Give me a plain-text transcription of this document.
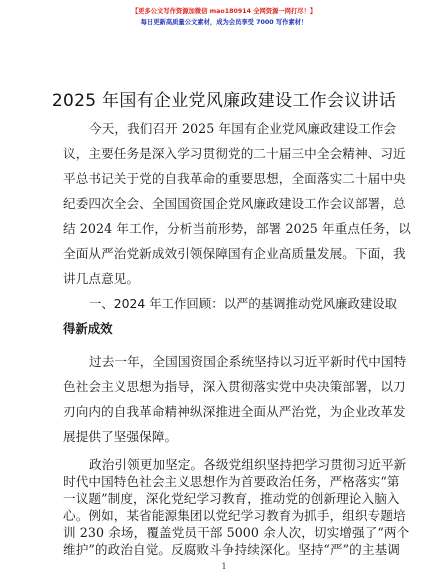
【更多公文写作资源加微信 mao180914 全网资源一网打尽！】
每日更新高质量公文素材，成为会员享受 7000 写作素材！
2025 年国有企业党风廉政建设工作会议讲话
今天，我们召开 2025 年国有企业党风廉政建设工作会
议，主要任务是深入学习贯彻党的二十届三中全会精神、习近
平总书记关于党的自我革命的重要思想，全面落实二十届中央
纪委四次全会、全国国资国企党风廉政建设工作会议部署，总
结 2024 年工作，分析当前形势，部署 2025 年重点任务，以
全面从严治党新成效引领保障国有企业高质量发展。下面，我
讲几点意见。
一、2024 年工作回顾：以严的基调推动党风廉政建设取
得新成效
过去一年，全国国资国企系统坚持以习近平新时代中国特
色社会主义思想为指导，深入贯彻落实党中央决策部署，以刀
刃向内的自我革命精神纵深推进全面从严治党，为企业改革发
展提供了坚强保障。
政治引领更加坚定。各级党组织坚持把学习贯彻习近平新
时代中国特色社会主义思想作为首要政治任务，严格落实“第
一议题”制度，深化党纪学习教育，推动党的创新理论入脑入
心。例如，某省能源集团以党纪学习教育为抓手，组织专题培
1
训 230 余场，覆盖党员干部 5000 余人次，切实增强了“两个
维护”的政治自觉。反腐败斗争持续深化。坚持“严”的主基调
